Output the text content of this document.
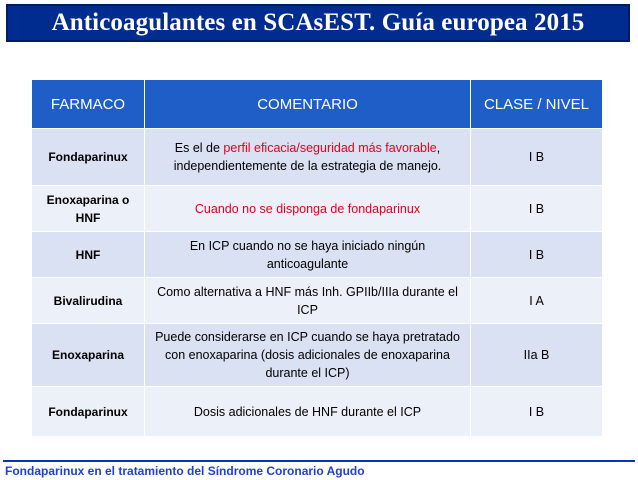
Anticoagulantes en SCAsEST. Guía europea 2015
FARMACO	COMENTARIO	CLASE / NIVEL
Fondaparinux	Es el de perfil eficacia/seguridad más favorable, independientemente de la estrategia de manejo.	I B
Enoxaparina o HNF	Cuando no se disponga de fondaparinux	I B
HNF	En ICP cuando no se haya iniciado ningún anticoagulante	I B
Bivalirudina	Como alternativa a HNF más Inh. GPIIb/IIIa durante el ICP	I A
Enoxaparina	Puede considerarse en ICP cuando se haya pretratado con enoxaparina (dosis adicionales de enoxaparina durante el ICP)	IIa B
Fondaparinux	Dosis adicionales de HNF durante el ICP	I B
Fondaparinux en el tratamiento del Síndrome Coronario Agudo
